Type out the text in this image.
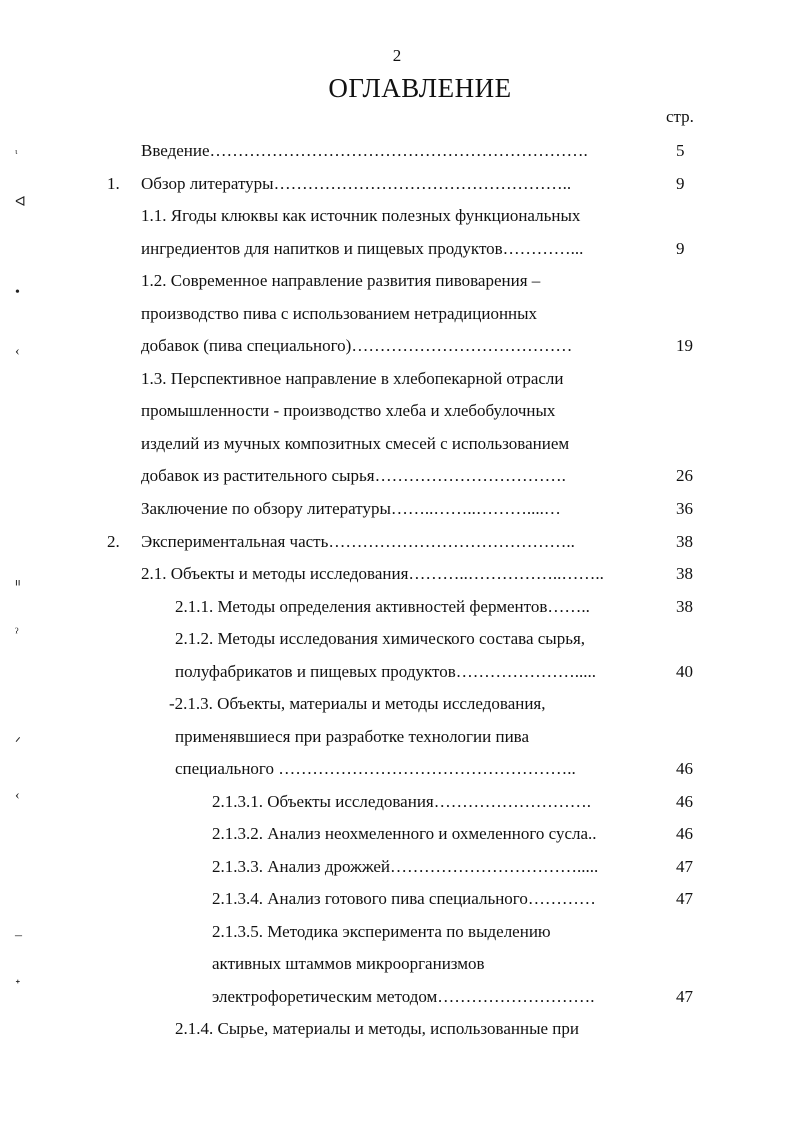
2
ОГЛАВЛЕНИЕ
стр.
Введение………………………………………………………….	5
1. Обзор литературы……………………………………………..	9
1.1. Ягоды клюквы как источник полезных функциональных
ингредиентов для напитков и пищевых продуктов…………...	9
1.2. Современное направление развития пивоварения –
производство пива с использованием нетрадиционных
добавок (пива специального)…………………………………	19
1.3. Перспективное направление в хлебопекарной отрасли
промышленности - производство хлеба и хлебобулочных
изделий из мучных композитных смесей с использованием
добавок из растительного сырья…………………………….	26
Заключение по обзору литературы……..……..………....…	36
2. Экспериментальная часть……………………………………..	38
2.1. Объекты и методы исследования………..……………..……..	38
2.1.1. Методы определения активностей ферментов……..	38
2.1.2. Методы исследования химического состава сырья,
полуфабрикатов и пищевых продуктов………………….....	40
-2.1.3. Объекты, материалы и методы исследования,
применявшиеся при разработке технологии пива
специального ……………………………………………..	46
2.1.3.1. Объекты исследования……………………….	46
2.1.3.2. Анализ неохмеленного и охмеленного сусла..	46
2.1.3.3. Анализ дрожжей…………………………….....	47
2.1.3.4. Анализ готового пива специального…………	47
2.1.3.5. Методика эксперимента по выделению
активных штаммов микроорганизмов
электрофоретическим методом……………………….	47
2.1.4. Сырье, материалы и методы, использованные при
ᶥ
ᐊ
•
‹
ᐦ
ˀ
ᐟ
‹
‒
ᐩ
